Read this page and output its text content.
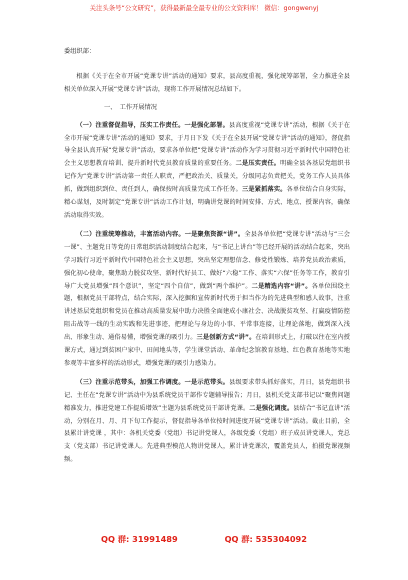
关注头条号“公文研究”，获得最新最全最专业的公文资料库！ 微信：gongwenyj

委组织部：

根据《关于在全市开展“党课专讲”活动的通知》要求，县高度重视，强化统筹部署，全力推进全县相关单位深入开展“党课专讲”活动，现将工作开展情况总结如下。

一、　工作开展情况

（一）注重督促指导，压实工作责任。一是强化部署。县高度重视“党课专讲”活动，根据《关于在全市开展“党课专讲”活动的通知》要求，于月日下发《关于在全县开展“党课专讲”活动的通知》，督促指导全县认真开展“党课专讲”活动，要求各单位把“党课专讲”活动作为学习贯彻习近平新时代中国特色社会主义思想教育培训、提升新时代党员教育质量的重要任务。二是压实责任。明确全县各基层党组织书记作为“党课专讲”活动第一责任人职责，严把政治关、质量关，分级同志负责把关，党务工作人员具体抓，做到组织到位、责任到人，确保按时高质量完成工作任务。三是紧抓落实。各单位结合自身实际，精心谋划，及时制定“党课专讲”活动工作计划，明确讲党课的时间安排、方式、地点、授课内容，确保活动取得实效。

（二）注重统筹推动，丰富活动内容。一是聚焦资源“讲”。全县各单位把“党课专讲”活动与“三会一课”、主题党日等党的日常组织活动制度结合起来，与“书记上讲台”等已经开展的活动结合起来，突出学习践行习近平新时代中国特色社会主义思想，突出坚定理想信念、修党性锻炼、培养党员政治素质，强化初心使命，聚焦助力脱贫攻坚、新时代好员工、做好“六稳”工作、落实“六保”任务等工作，教育引导广大党员增强“四个意识”，坚定“四个自信”，做到“两个维护”。二是精选内容“讲”。各单位围绕主题，根据党员干部特点，结合实际，深入挖掘和宣传新时代勇于担当作为的先进典型和感人故事，注重讲述基层党组织和党员在推动高质量发展中助力决胜全面建成小康社会、决战脱贫攻坚、打赢疫情防控阻击战等一线的生动实践和先进事迹，把理论与身边的小事、平常事连接，让理论落地，做到深入浅出、形象生动、通俗易懂，增强党课的吸引力。三是创新方式“讲”。在培训形式上，打破以往在室内授课方式，通过到贫困户家中、田间地头等，学生课堂活动、革命纪念馆教育基地、红色教育基地等实地参观等丰富多样的活动形式，增强党课的吸引力感染力。

（三）注重示范带头，加强工作调度。一是示范带头。县级要求带头抓好落实，月日，县党组织书记、主任在“党课专讲”活动中为县系统党员干部作专题辅导报告；月日，县机关党支部书记以“聚焦问题 精准发力，推进党建工作提质增效”主题为县系统党员干部讲党课。二是强化调度。县结合“书记直讲”活动，分别在月、月、月下旬工作提示，督促指导各单位按时间进度开展“党课专讲”活动。截止目前，全县累计讲党课 ，其中：各机关党委（党组）书记讲党课人，各级党委（党组）班子成员讲党课人，党总支（党支部）书记讲党课人。先进典型模范人物讲党课人，累计讲党课次，覆盖党员人，拍摄党课视频频。

QQ 群: 31991489	QQ 群: 535304092
